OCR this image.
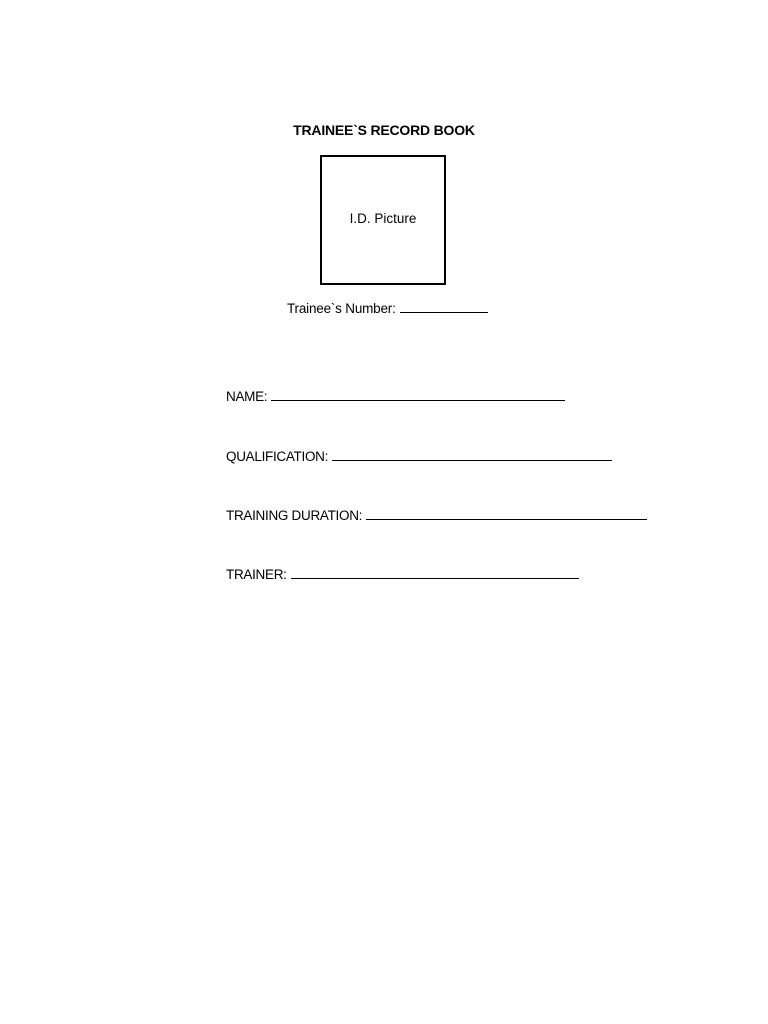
TRAINEE`S RECORD BOOK
I.D. Picture
Trainee`s Number:
NAME:
QUALIFICATION:
TRAINING DURATION:
TRAINER:
